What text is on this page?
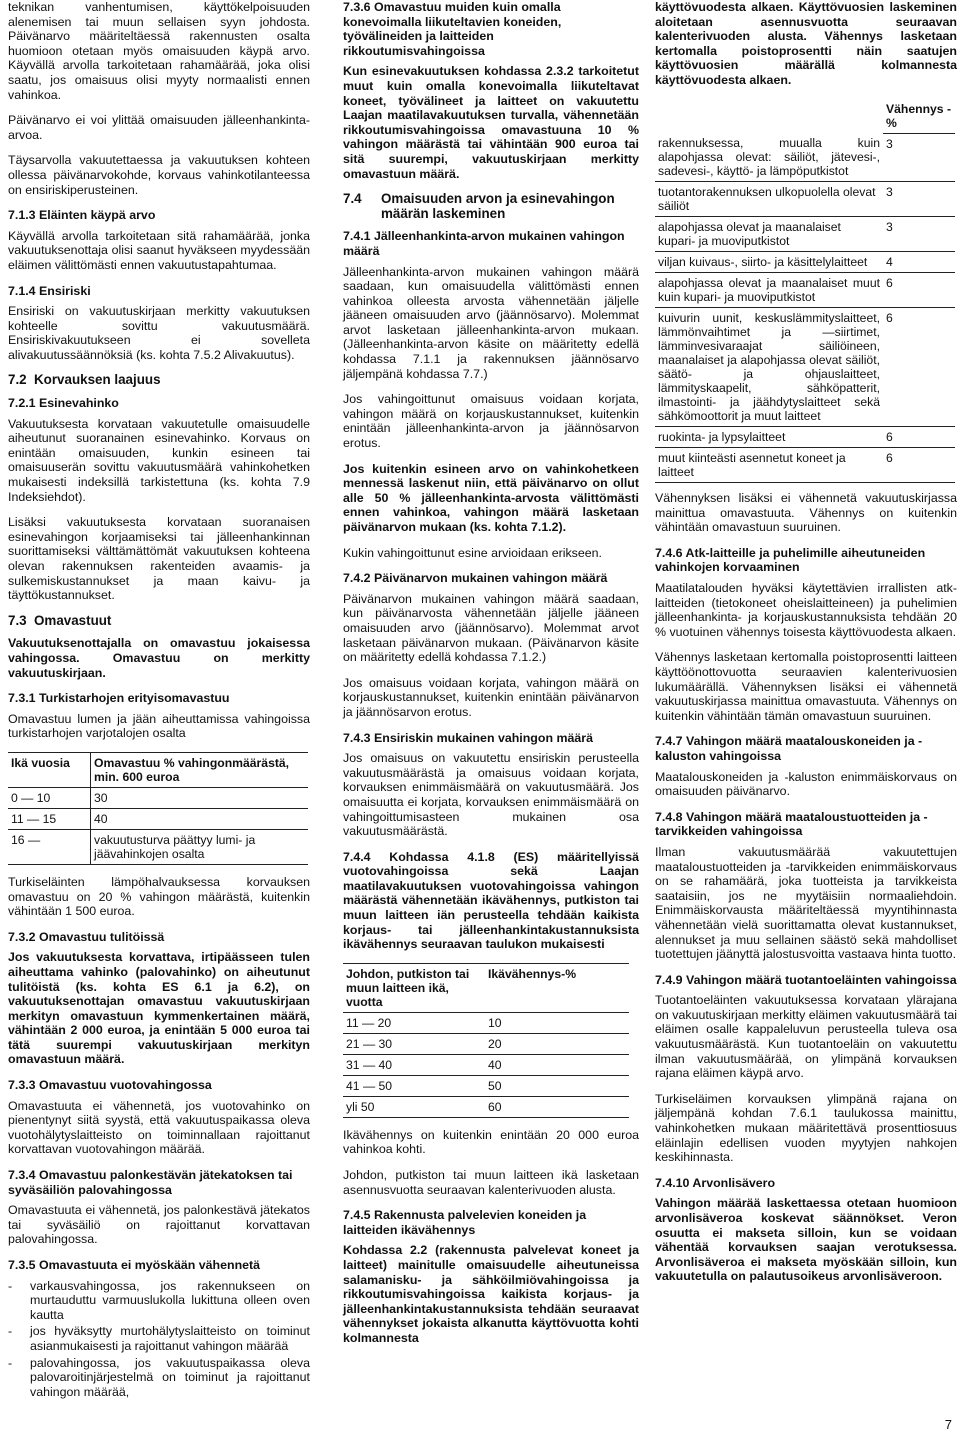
teknikan vanhentumisen, käyttökelpoisuuden alenemisen tai muun sellaisen syyn johdosta. Päivänarvo määriteltäessä rakennusten osalta huomioon otetaan myös omaisuuden käypä arvo. Käyvällä arvolla tarkoitetaan rahamäärää, joka olisi saatu, jos omaisuus olisi myyty normaalisti ennen vahinkoa.

Päivänarvo ei voi ylittää omaisuuden jälleenhankinta-arvoa.

Täysarvolla vakuutettaessa ja vakuutuksen kohteen ollessa päivänarvokohde, korvaus vahinkotilanteessa on ensiriskiperusteinen.

7.1.3 Eläinten käypä arvo

Käyvällä arvolla tarkoitetaan sitä rahamäärää, jonka vakuutuksenottaja olisi saanut hyväkseen myydessään eläimen välittömästi ennen vakuutustapahtumaa.

7.1.4 Ensiriski

Ensiriski on vakuutuskirjaan merkitty vakuutuksen kohteelle sovittu vakuutusmäärä. Ensiriskivakuutukseen ei sovelleta alivakuutussäännöksiä (ks. kohta 7.5.2 Alivakuutus).

7.2 Korvauksen laajuus
7.2.1 Esinevahinko

Vakuutuksesta korvataan vakuutetulle omaisuudelle aiheutunut suoranainen esinevahinko. Korvaus on enintään omaisuuden, kunkin esineen tai omaisuuserän sovittu vakuutusmäärä vahinkohetken mukaisesti indeksillä tarkistettuna (ks. kohta 7.9 Indeksiehdot).

Lisäksi vakuutuksesta korvataan suoranaisen esinevahingon korjaamiseksi tai jälleenhankinnan suorittamiseksi välttämättömät vakuutuksen kohteena olevan rakennuksen rakenteiden avaamis- ja sulkemiskustannukset ja maan kaivu- ja täyttökustannukset.

7.3 Omavastuut

Vakuutuksenottajalla on omavastuu jokaisessa vahingossa. Omavastuu on merkitty vakuutuskirjaan.

7.3.1 Turkistarhojen erityisomavastuu

Omavastuu lumen ja jään aiheuttamissa vahingoissa turkistarhojen varjotalojen osalta

Ikä vuosia	Omavastuu % vahingonmäärästä, min. 600 euroa
0 — 10	30
11 — 15	40
16 —	vakuutusturva päättyy lumi- ja jäävahinkojen osalta

Turkiseläinten lämpöhalvauksessa korvauksen omavastuu on 20 % vahingon määrästä, kuitenkin vähintään 1 500 euroa.

7.3.2 Omavastuu tulitöissä

Jos vakuutuksesta korvattava, irtipäässeen tulen aiheuttama vahinko (palovahinko) on aiheutunut tulitöistä (ks. kohta ES 6.1 ja 6.2), on vakuutuksenottajan omavastuu vakuutuskirjaan merkityn omavastuun kymmenkertainen määrä, vähintään 2 000 euroa, ja enintään 5 000 euroa tai tätä suurempi vakuutuskirjaan merkityn omavastuun määrä.

7.3.3 Omavastuu vuotovahingossa

Omavastuuta ei vähennetä, jos vuotovahinko on pienentynyt siitä syystä, että vakuutuspaikassa oleva vuotohälytyslaitteisto on toiminnallaan rajoittanut korvattavan vuotovahingon määrää.

7.3.4 Omavastuu palonkestävän jätekatoksen tai syväsäiliön palovahingossa

Omavastuuta ei vähennetä, jos palonkestävä jätekatos tai syväsäiliö on rajoittanut korvattavan palovahingossa.

7.3.5 Omavastuuta ei myöskään vähennetä
- varkausvahingossa, jos rakennukseen on murtauduttu varmuuslukolla lukittuna olleen oven kautta
- jos hyväksytty murtohälytyslaitteisto on toiminut asianmukaisesti ja rajoittanut vahingon määrää
- palovahingossa, jos vakuutuspaikassa oleva palovaroitinjärjestelmä on toiminut ja rajoittanut vahingon määrää,
7.3.6 Omavastuu muiden kuin omalla konevoimalla liikuteltavien koneiden, työvälineiden ja laitteiden rikkoutumisvahingoissa

Kun esinevakuutuksen kohdassa 2.3.2 tarkoitetut muut kuin omalla konevoimalla liikuteltavat koneet, työvälineet ja laitteet on vakuutettu Laajan maatilavakuutuksen turvalla, vähennetään rikkoutumisvahingoissa omavastuuna 10 % vahingon määrästä tai vähintään 900 euroa tai sitä suurempi, vakuutuskirjaan merkitty omavastuun määrä.

7.4	Omaisuuden arvon ja esinevahingon määrän laskeminen
7.4.1 Jälleenhankinta-arvon mukainen vahingon määrä

Jälleenhankinta-arvon mukainen vahingon määrä saadaan, kun omaisuudella välittömästi ennen vahinkoa olleesta arvosta vähennetään jäljelle jääneen omaisuuden arvo (jäännösarvo). Molemmat arvot lasketaan jälleenhankinta-arvon mukaan. (Jälleenhankinta-arvon käsite on määritetty edellä kohdassa 7.1.1 ja rakennuksen jäännösarvo jäljempänä kohdassa 7.7.)

Jos vahingoittunut omaisuus voidaan korjata, vahingon määrä on korjauskustannukset, kuitenkin enintään jälleenhankinta-arvon ja jäännösarvon erotus.

Jos kuitenkin esineen arvo on vahinkohetkeen mennessä laskenut niin, että päivänarvo on ollut alle 50 % jälleenhankinta-arvosta välittömästi ennen vahinkoa, vahingon määrä lasketaan päivänarvon mukaan (ks. kohta 7.1.2).

Kukin vahingoittunut esine arvioidaan erikseen.

7.4.2 Päivänarvon mukainen vahingon määrä

Päivänarvon mukainen vahingon määrä saadaan, kun päivänarvosta vähennetään jäljelle jääneen omaisuuden arvo (jäännösarvo). Molemmat arvot lasketaan päivänarvon mukaan. (Päivänarvon käsite on määritetty edellä kohdassa 7.1.2.)

Jos omaisuus voidaan korjata, vahingon määrä on korjauskustannukset, kuitenkin enintään päivänarvon ja jäännösarvon erotus.

7.4.3 Ensiriskin mukainen vahingon määrä

Jos omaisuus on vakuutettu ensiriskin perusteella vakuutusmäärästä ja omaisuus voidaan korjata, korvauksen enimmäismäärä on vakuutusmäärä. Jos omaisuutta ei korjata, korvauksen enimmäismäärä on vahingoittumisasteen mukainen osa vakuutusmäärästä.

7.4.4 Kohdassa 4.1.8 (ES) määritellyissä vuotovahingoissa sekä Laajan maatilavakuutuksen vuotovahingoissa vahingon määrästä vähennetään ikävähennys, putkiston tai muun laitteen iän perusteella tehdään kaikista korjaus- tai jälleenhankintakustannuksista ikävähennys seuraavan taulukon mukaisesti

Johdon, putkiston tai muun laitteen ikä, vuotta	Ikävähennys-%
11 — 20	10
21 — 30	20
31 — 40	40
41 — 50	50
yli 50	60

Ikävähennys on kuitenkin enintään 20 000 euroa vahinkoa kohti.

Johdon, putkiston tai muun laitteen ikä lasketaan asennusvuotta seuraavan kalenterivuoden alusta.

7.4.5 Rakennusta palvelevien koneiden ja laitteiden ikävähennys

Kohdassa 2.2 (rakennusta palvelevat koneet ja laitteet) mainitulle omaisuudelle aiheutuneissa salamanisku- ja sähköilmiövahingoissa ja rikkoutumisvahingoissa kaikista korjaus- ja jälleenhankintakustannuksista tehdään seuraavat vähennykset jokaista alkanutta käyttövuotta kohti kolmannesta

käyttövuodesta alkaen. Käyttövuosien laskeminen aloitetaan asennusvuotta seuraavan kalenterivuoden alusta. Vähennys lasketaan kertomalla poistoprosentti näin saatujen käyttövuosien määrällä kolmannesta käyttövuodesta alkaen.

	Vähennys -%
rakennuksessa, muualla kuin alapohjassa olevat: säiliöt, jätevesi-, sadevesi-, käyttö- ja lämpöputkistot	3
tuotantorakennuksen ulkopuolella olevat säiliöt	3
alapohjassa olevat ja maanalaiset kupari- ja muoviputkistot	3
viljan kuivaus-, siirto- ja käsittelylaitteet	4
alapohjassa olevat ja maanalaiset muut kuin kupari- ja muoviputkistot	6
kuivurin uunit, keskuslämmityslaitteet, lämmönvaihtimet ja —siirtimet, lämminvesivaraajat säiliöineen, maanalaiset ja alapohjassa olevat säiliöt, säätö- ja ohjauslaitteet, lämmityskaapelit, sähköpatterit, ilmastointi- ja jäähdytyslaitteet sekä sähkömoottorit ja muut laitteet	6
ruokinta- ja lypsylaitteet	6
muut kiinteästi asennetut koneet ja laitteet	6

Vähennyksen lisäksi ei vähennetä vakuutuskirjassa mainittua omavastuuta. Vähennys on kuitenkin vähintään omavastuun suuruinen.

7.4.6 Atk-laitteille ja puhelimille aiheutuneiden vahinkojen korvaaminen

Maatilatalouden hyväksi käytettävien irrallisten atk-laitteiden (tietokoneet oheislaitteineen) ja puhelimien jälleenhankinta- ja korjauskustannuksista tehdään 20 % vuotuinen vähennys toisesta käyttövuodesta alkaen.

Vähennys lasketaan kertomalla poistoprosentti laitteen käyttöönottovuotta seuraavien kalenterivuosien lukumäärällä. Vähennyksen lisäksi ei vähennetä vakuutuskirjassa mainittua omavastuuta. Vähennys on kuitenkin vähintään tämän omavastuun suuruinen.

7.4.7 Vahingon määrä maatalouskoneiden ja -kaluston vahingoissa

Maatalouskoneiden ja -kaluston enimmäiskorvaus on omaisuuden päivänarvo.

7.4.8 Vahingon määrä maataloustuotteiden ja -tarvikkeiden vahingoissa

Ilman vakuutusmäärää vakuutettujen maataloustuotteiden ja -tarvikkeiden enimmäiskorvaus on se rahamäärä, joka tuotteista ja tarvikkeista saataisiin, jos ne myytäisiin normaaliehdoin. Enimmäiskorvausta määriteltäessä myyntihinnasta vähennetään vielä suorittamatta olevat kustannukset, alennukset ja muu sellainen säästö sekä mahdolliset tuotettujen jäänyttä jalostusvoitta vastaava hinta tuotto.

7.4.9 Vahingon määrä tuotantoeläinten vahingoissa

Tuotantoeläinten vakuutuksessa korvataan ylärajana on vakuutuskirjaan merkitty eläimen vakuutusmäärä tai eläimen osalle kappaleluvun perusteella tuleva osa vakuutusmäärästä. Kun tuotantoeläin on vakuutettu ilman vakuutusmäärää, on ylimpänä korvauksen rajana eläimen käypä arvo.

Turkiseläimen korvauksen ylimpänä rajana on jäljempänä kohdan 7.6.1 taulukossa mainittu, vahinkohetken mukaan määritettävä prosenttiosuus eläinlajin edellisen vuoden myytyjen nahkojen keskihinnasta.

7.4.10 Arvonlisävero

Vahingon määrää laskettaessa otetaan huomioon arvonlisäveroa koskevat säännökset. Veron osuutta ei makseta silloin, kun se voidaan vähentää korvauksen saajan verotuksessa. Arvonlisäveroa ei makseta myöskään silloin, kun vakuutetulla on palautusoikeus arvonlisäveroon.

7
